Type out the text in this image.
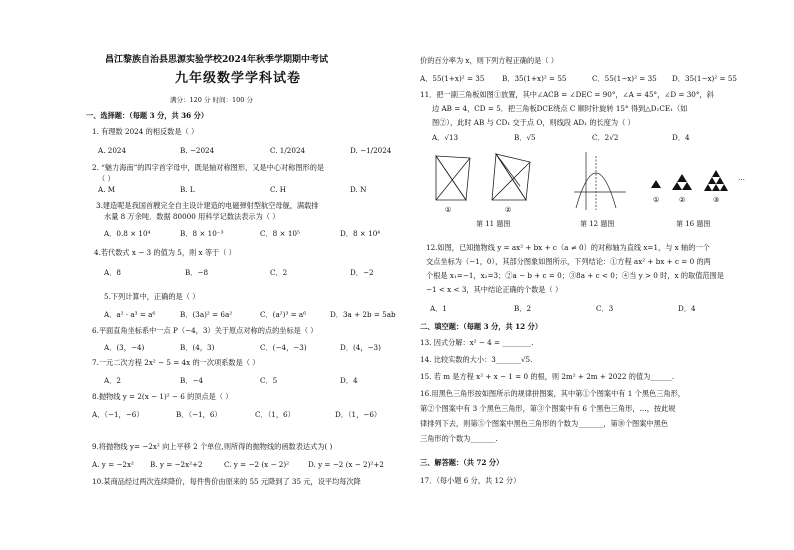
昌江黎族自治县思源实验学校2024年秋季学期期中考试
九年级数学学科试卷
满分：120 分 时间：100 分
一、选择题：（每题 3 分，共 36 分）
1. 有理数 2024 的相反数是（ ）
A. 2024	B. −2024	C. 1/2024	D. −1/2024
2. “魅力海南”的四字首字母中，既是轴对称图形，又是中心对称图形的是
（ ）
A. M	B. L	C. H	D. N
3.建造呢是我国首艘完全自主设计建造的电磁弹射型航空母舰，满载排
水量 8 万余吨．数据 80000 用科学记数法表示为（ ）
A．0.8 × 10⁴	B．8 × 10⁻³	C．8 × 10⁵	D．8 × 10⁴
4.若代数式 x − 3 的值为 5，则 x 等于（ ）
A．8	B．−8	C．2	D．−2
5.下列计算中，正确的是（ ）
A．a² · a³ = a⁶	B．(3a)² = 6a²	C．(a²)³ = a⁶	D．3a + 2b = 5ab
6.平面直角坐标系中一点 P（−4，3）关于原点对称的点的坐标是（ ）
A．(3，−4)	B．(4，3)	C．(−4，−3)	D．(4，−3)
7.一元二次方程 2x² − 5 = 4x 的一次项系数是（ ）
A．2	B．−4	C．5	D．4
8.抛物线 y = 2(x − 1)² − 6 的顶点是（ ）
A．（−1，−6）	B．（−1，6）	C．（1，6）	D．（1，−6）
9.将抛物线 y= −2x² 向上平移 2 个单位,则所得的抛物线的函数表达式为( )
A. y = −2x² B. y = −2x²+2	C. y = −2 (x − 2)²	D. y = −2 (x − 2)²+2
10.某商品经过两次连续降价，每件售价由原来的 55 元降到了 35 元，设平均每次降
价的百分率为 x，则下列方程正确的是（ ）
A．55(1+x)² = 35 B．35(1+x)² = 55	C．55(1−x)² = 35 D．35(1−x)² = 55
11．把一副三角板如图①放置，其中∠ACB = ∠DEC = 90°，∠A = 45°，∠D = 30°，斜
边 AB = 4，CD = 5．把三角板DCE绕点 C 顺时针旋转 15° 得到△D₁CE₁（如
图②），此时 AB 与 CD₁ 交于点 O，则线段 AD₁ 的长度为（ ）
A．√13	B．√5	C．2√2	D．4
①	②
第 11 题图	第 12 题图
①	②	③
…
第 16 题图
12.如图，已知抛物线 y = ax² + bx + c（a ≠ 0）的对称轴为直线 x=1，与 x 轴的一个
交点坐标为（−1，0），其部分图象如图所示，下列结论：①方程 ax² + bx + c = 0 的两
个根是 x₁=−1，x₂=3；②a − b + c = 0；③8a + c < 0；④当 y > 0 时，x 的取值范围是
−1 < x < 3，其中结论正确的个数是（ ）
A．1	B．2	C．3	D．4
二、填空题：（每题 3 分，共 12 分）
13. 因式分解：x² − 4 = ________.
14. 比较实数的大小：3_______√5.
15. 若 m 是方程 x² + x − 1 = 0 的根，则 2m² + 2m + 2022 的值为______.
16.用黑色三角形按如图所示的规律拼图案，其中第①个图案中有 1 个黑色三角形，
第②个图案中有 3 个黑色三角形，第③个图案中有 6 个黑色三角形，…，按此规
律排列下去，则第⑤个图案中黑色三角形的个数为_______，第⑩个图案中黑色
三角形的个数为_______.
三、解答题：（共 72 分）
17．（每小题 6 分，共 12 分）
